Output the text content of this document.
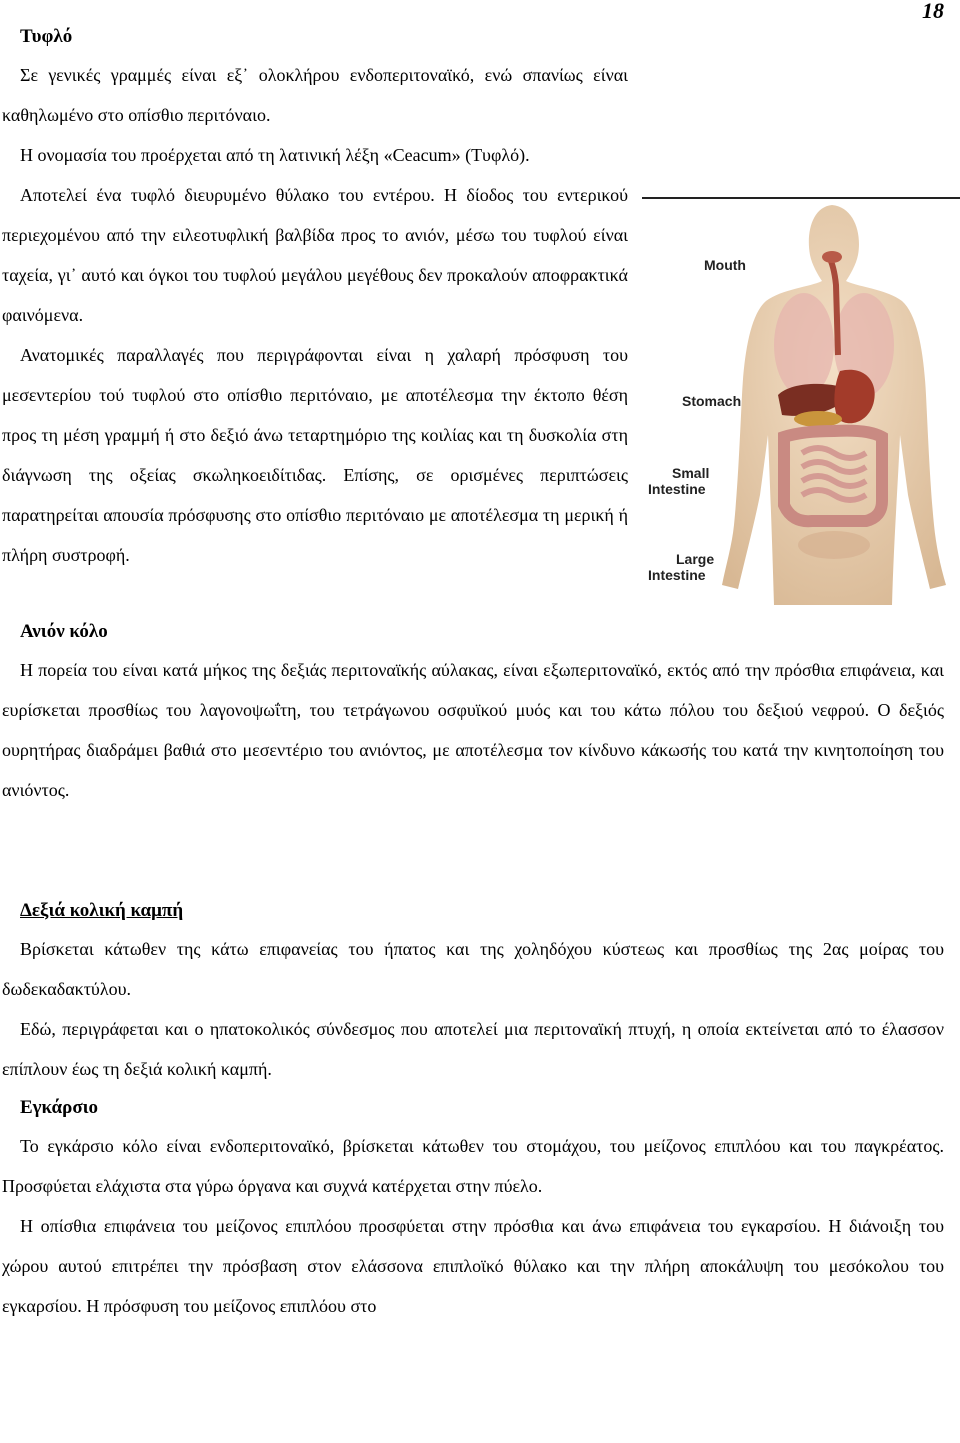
18

Τυφλό

Mouth
Stomach
Small
Intestine
Large
Intestine

Σε γενικές γραμμές είναι εξ᾽ ολοκλήρου ενδοπεριτοναϊκό, ενώ σπανίως είναι καθηλωμένο στο οπίσθιο περιτόναιο.

Η ονομασία του προέρχεται από τη λατινική λέξη «Ceacum» (Τυφλό).

Αποτελεί ένα τυφλό διευρυμένο θύλακο του εντέρου. Η δίοδος του εντερικού περιεχομένου από την ειλεοτυφλική βαλβίδα προς το ανιόν, μέσω του τυφλού είναι ταχεία, γι᾽ αυτό και όγκοι του τυφλού μεγάλου μεγέθους δεν προκαλούν αποφρακτικά φαινόμενα.

Ανατομικές παραλλαγές που περιγράφονται είναι η χαλαρή πρόσφυση του μεσεντερίου τού τυφλού στο οπίσθιο περιτόναιο, με αποτέλεσμα την έκτοπο θέση προς τη μέση γραμμή ή στο δεξιό άνω τεταρτημόριο της κοιλίας και τη δυσκολία στη διάγνωση της οξείας σκωληκοειδίτιδας. Επίσης, σε ορισμένες περιπτώσεις παρατηρείται απουσία πρόσφυσης στο οπίσθιο περιτόναιο με αποτέλεσμα τη μερική ή πλήρη συστροφή.

Ανιόν κόλο

Η πορεία του είναι κατά μήκος της δεξιάς περιτοναϊκής αύλακας, είναι εξωπεριτοναϊκό, εκτός από την πρόσθια επιφάνεια, και ευρίσκεται προσθίως του λαγονοψωΐτη, του τετράγωνου οσφυϊκού μυός και του κάτω πόλου του δεξιού νεφρού. Ο δεξιός ουρητήρας διαδράμει βαθιά στο μεσεντέριο του ανιόντος, με αποτέλεσμα τον κίνδυνο κάκωσής του κατά την κινητοποίηση του ανιόντος.

Δεξιά κολική καμπή

Βρίσκεται κάτωθεν της κάτω επιφανείας του ήπατος και της χοληδόχου κύστεως και προσθίως της 2ας μοίρας του δωδεκαδακτύλου.

Εδώ, περιγράφεται και ο ηπατοκολικός σύνδεσμος που αποτελεί μια περιτοναϊκή πτυχή, η οποία εκτείνεται από το έλασσον επίπλουν έως τη δεξιά κολική καμπή.

Εγκάρσιο

Το εγκάρσιο κόλο είναι ενδοπεριτοναϊκό, βρίσκεται κάτωθεν του στομάχου, του μείζονος επιπλόου και του παγκρέατος. Προσφύεται ελάχιστα στα γύρω όργανα και συχνά κατέρχεται στην πύελο.

Η οπίσθια επιφάνεια του μείζονος επιπλόου προσφύεται στην πρόσθια και άνω επιφάνεια του εγκαρσίου. Η διάνοιξη του χώρου αυτού επιτρέπει την πρόσβαση στον ελάσσονα επιπλοϊκό θύλακο και την πλήρη αποκάλυψη του μεσόκολου του εγκαρσίου. Η πρόσφυση του μείζονος επιπλόου στο
